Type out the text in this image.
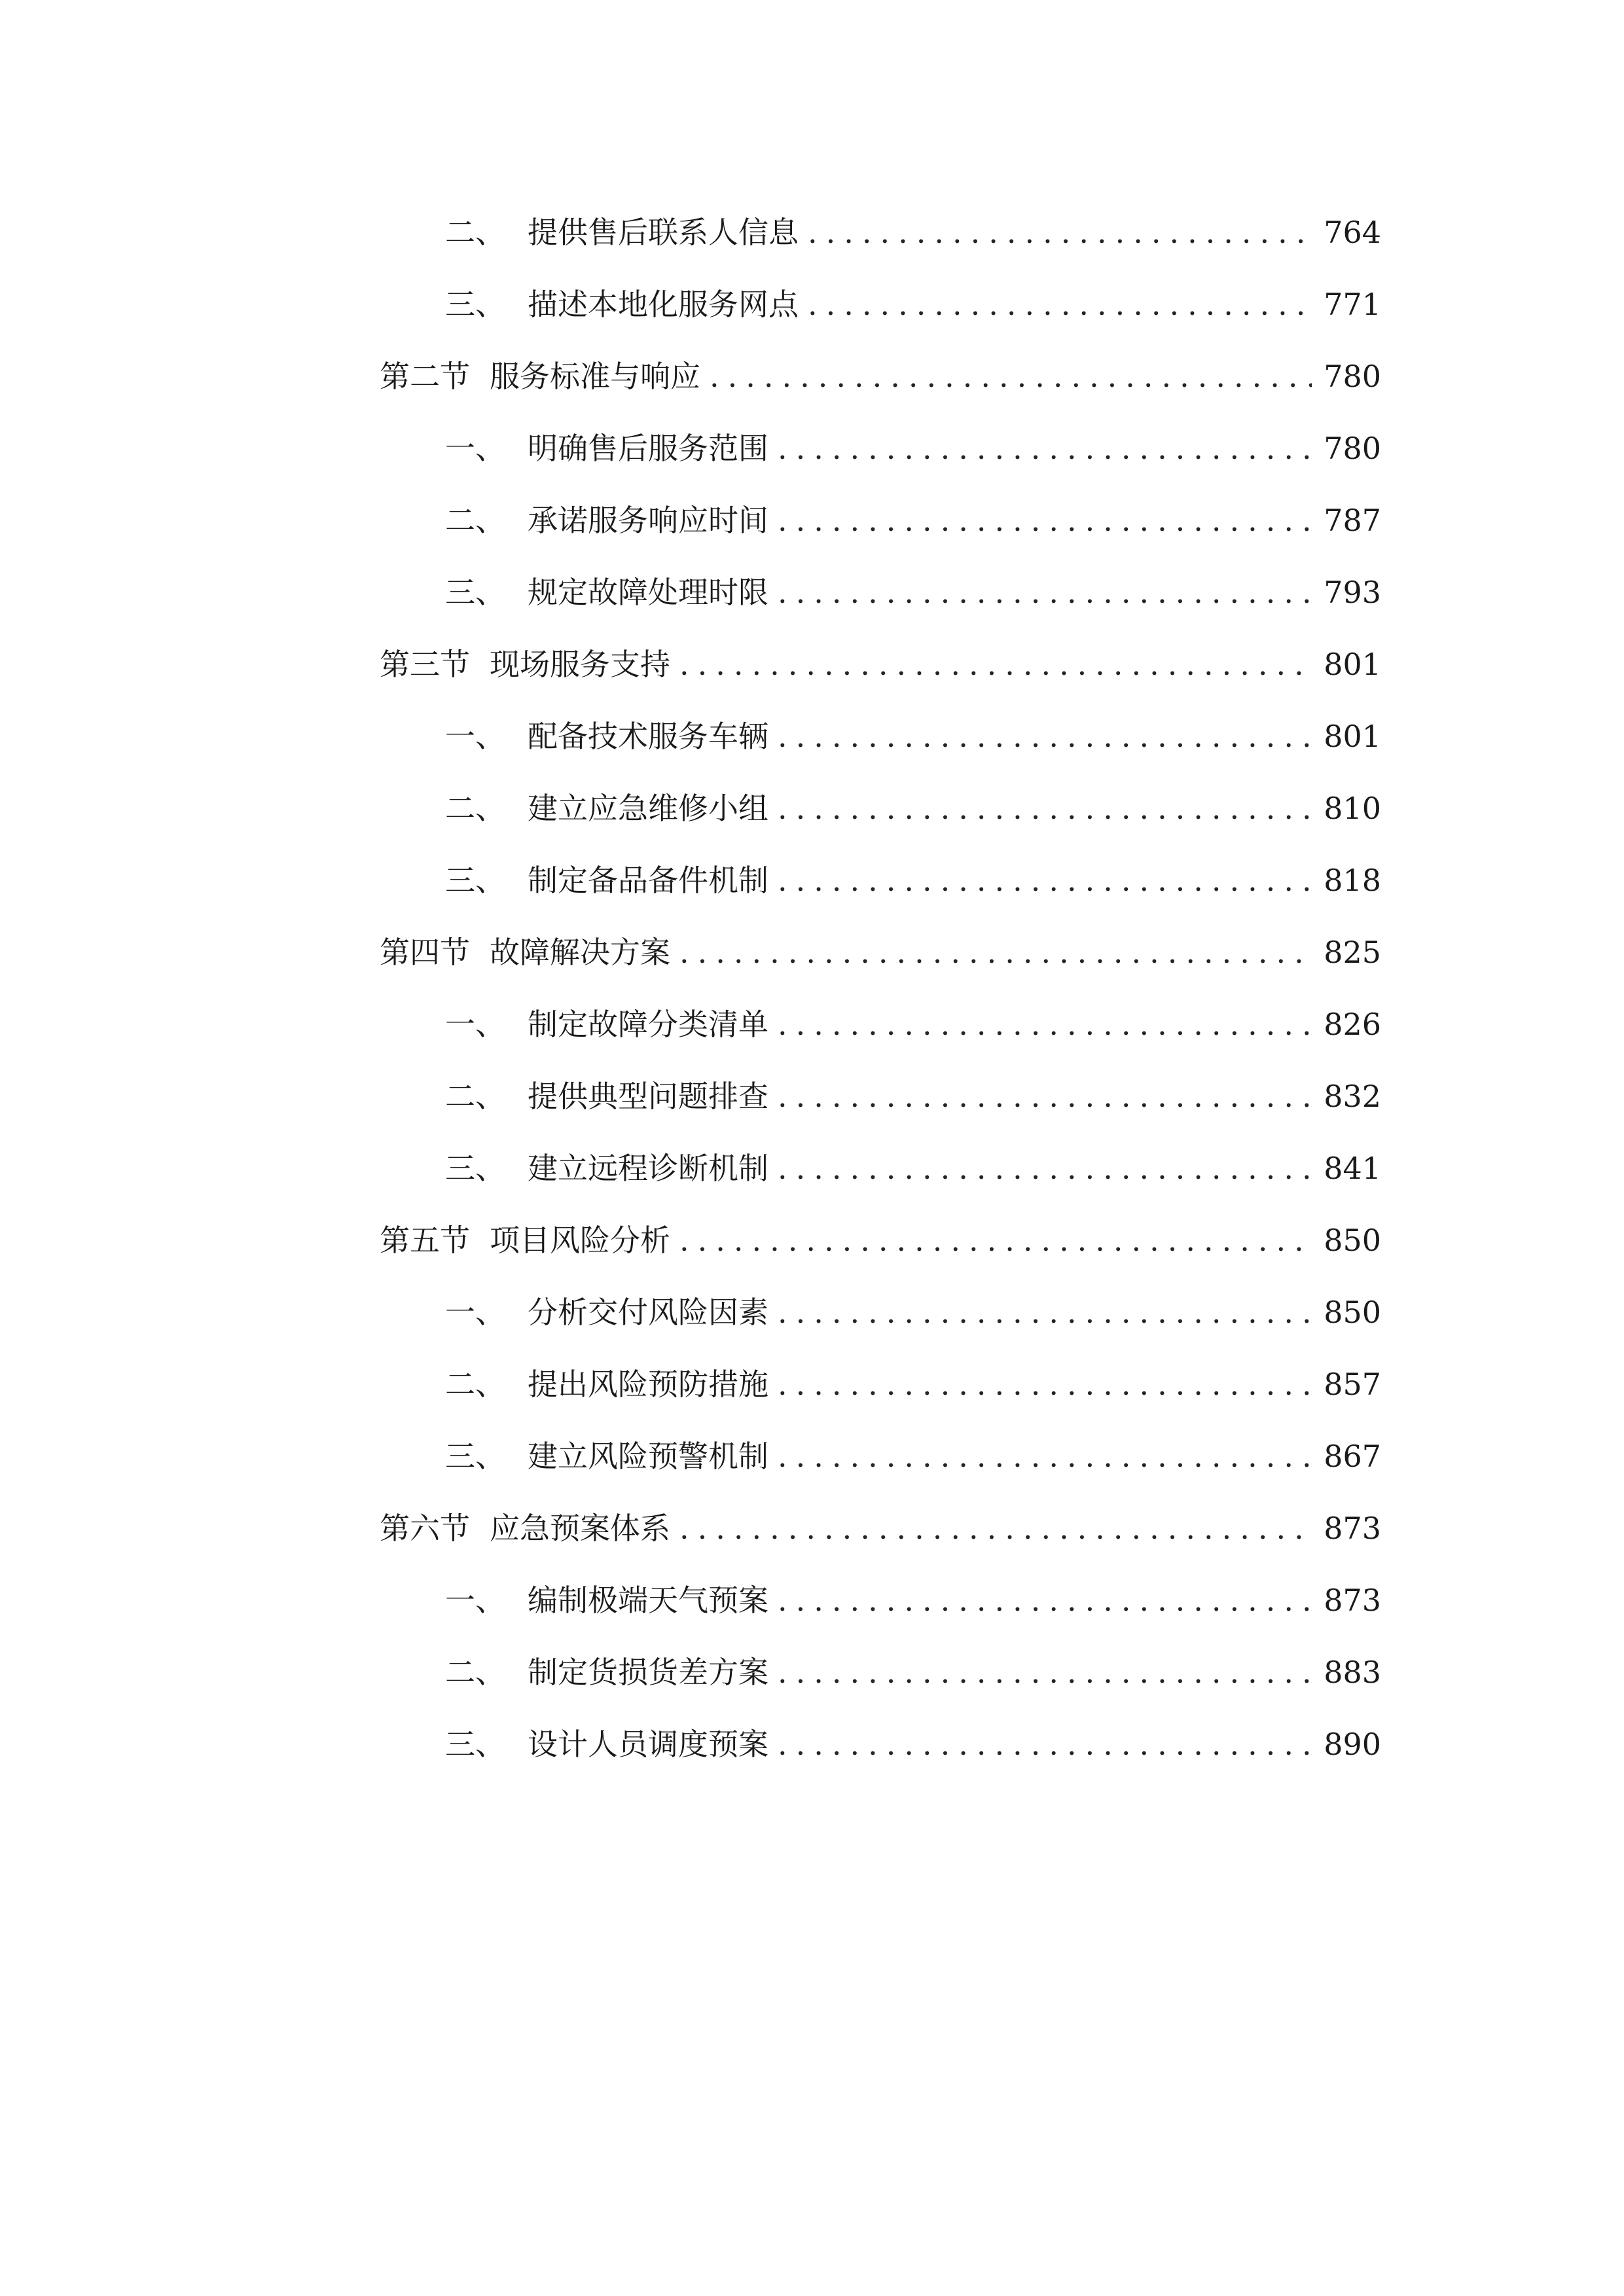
二、 提供售后联系人信息 .....	764
三、 描述本地化服务网点 .....	771
第二节 服务标准与响应 .....	780
一、 明确售后服务范围 .....	780
二、 承诺服务响应时间 .....	787
三、 规定故障处理时限 .....	793
第三节 现场服务支持 .....	801
一、 配备技术服务车辆 .....	801
二、 建立应急维修小组 .....	810
三、 制定备品备件机制 .....	818
第四节 故障解决方案 .....	825
一、 制定故障分类清单 .....	826
二、 提供典型问题排查 .....	832
三、 建立远程诊断机制 .....	841
第五节 项目风险分析 .....	850
一、 分析交付风险因素 .....	850
二、 提出风险预防措施 .....	857
三、 建立风险预警机制 .....	867
第六节 应急预案体系 .....	873
一、 编制极端天气预案 .....	873
二、 制定货损货差方案 .....	883
三、 设计人员调度预案 .....	890
